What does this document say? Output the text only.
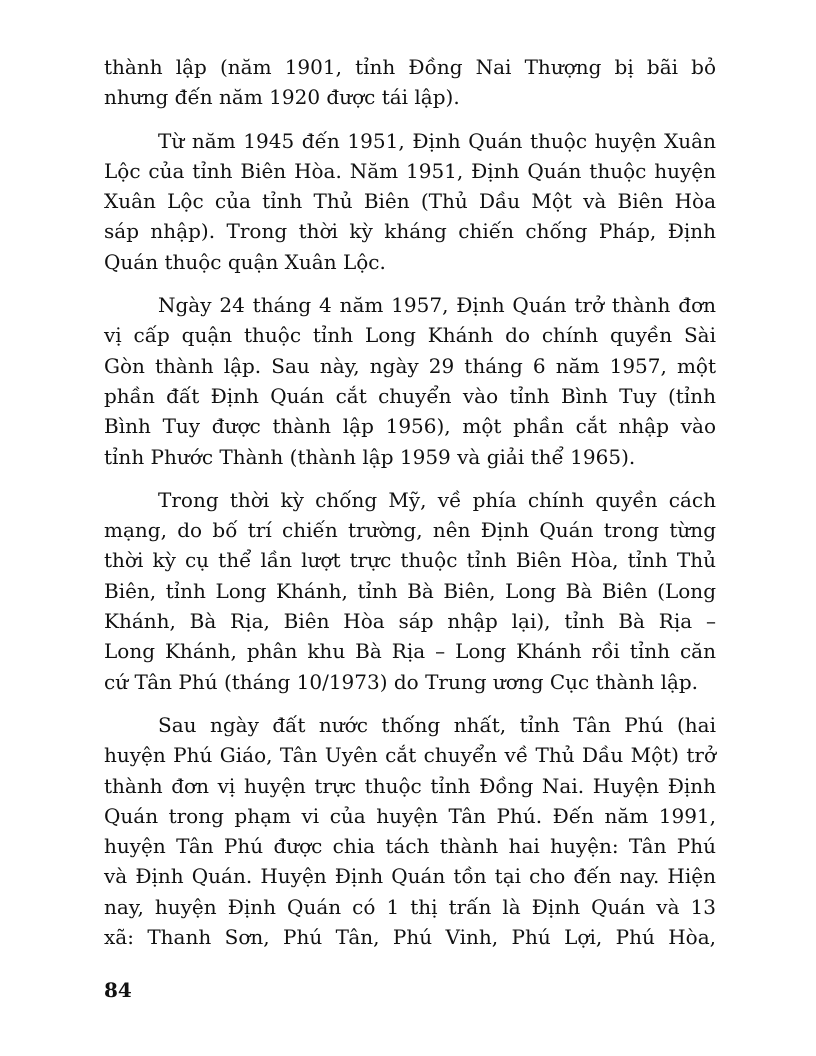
thành lập (năm 1901, tỉnh Đồng Nai Thượng bị bãi bỏ
nhưng đến năm 1920 được tái lập).
Từ năm 1945 đến 1951, Định Quán thuộc huyện Xuân
Lộc của tỉnh Biên Hòa. Năm 1951, Định Quán thuộc huyện
Xuân Lộc của tỉnh Thủ Biên (Thủ Dầu Một và Biên Hòa
sáp nhập). Trong thời kỳ kháng chiến chống Pháp, Định
Quán thuộc quận Xuân Lộc.
Ngày 24 tháng 4 năm 1957, Định Quán trở thành đơn
vị cấp quận thuộc tỉnh Long Khánh do chính quyền Sài
Gòn thành lập. Sau này, ngày 29 tháng 6 năm 1957, một
phần đất Định Quán cắt chuyển vào tỉnh Bình Tuy (tỉnh
Bình Tuy được thành lập 1956), một phần cắt nhập vào
tỉnh Phước Thành (thành lập 1959 và giải thể 1965).
Trong thời kỳ chống Mỹ, về phía chính quyền cách
mạng, do bố trí chiến trường, nên Định Quán trong từng
thời kỳ cụ thể lần lượt trực thuộc tỉnh Biên Hòa, tỉnh Thủ
Biên, tỉnh Long Khánh, tỉnh Bà Biên, Long Bà Biên (Long
Khánh, Bà Rịa, Biên Hòa sáp nhập lại), tỉnh Bà Rịa –
Long Khánh, phân khu Bà Rịa – Long Khánh rồi tỉnh căn
cứ Tân Phú (tháng 10/1973) do Trung ương Cục thành lập.
Sau ngày đất nước thống nhất, tỉnh Tân Phú (hai
huyện Phú Giáo, Tân Uyên cắt chuyển về Thủ Dầu Một) trở
thành đơn vị huyện trực thuộc tỉnh Đồng Nai. Huyện Định
Quán trong phạm vi của huyện Tân Phú. Đến năm 1991,
huyện Tân Phú được chia tách thành hai huyện: Tân Phú
và Định Quán. Huyện Định Quán tồn tại cho đến nay. Hiện
nay, huyện Định Quán có 1 thị trấn là Định Quán và 13
xã: Thanh Sơn, Phú Tân, Phú Vinh, Phú Lợi, Phú Hòa,
84
